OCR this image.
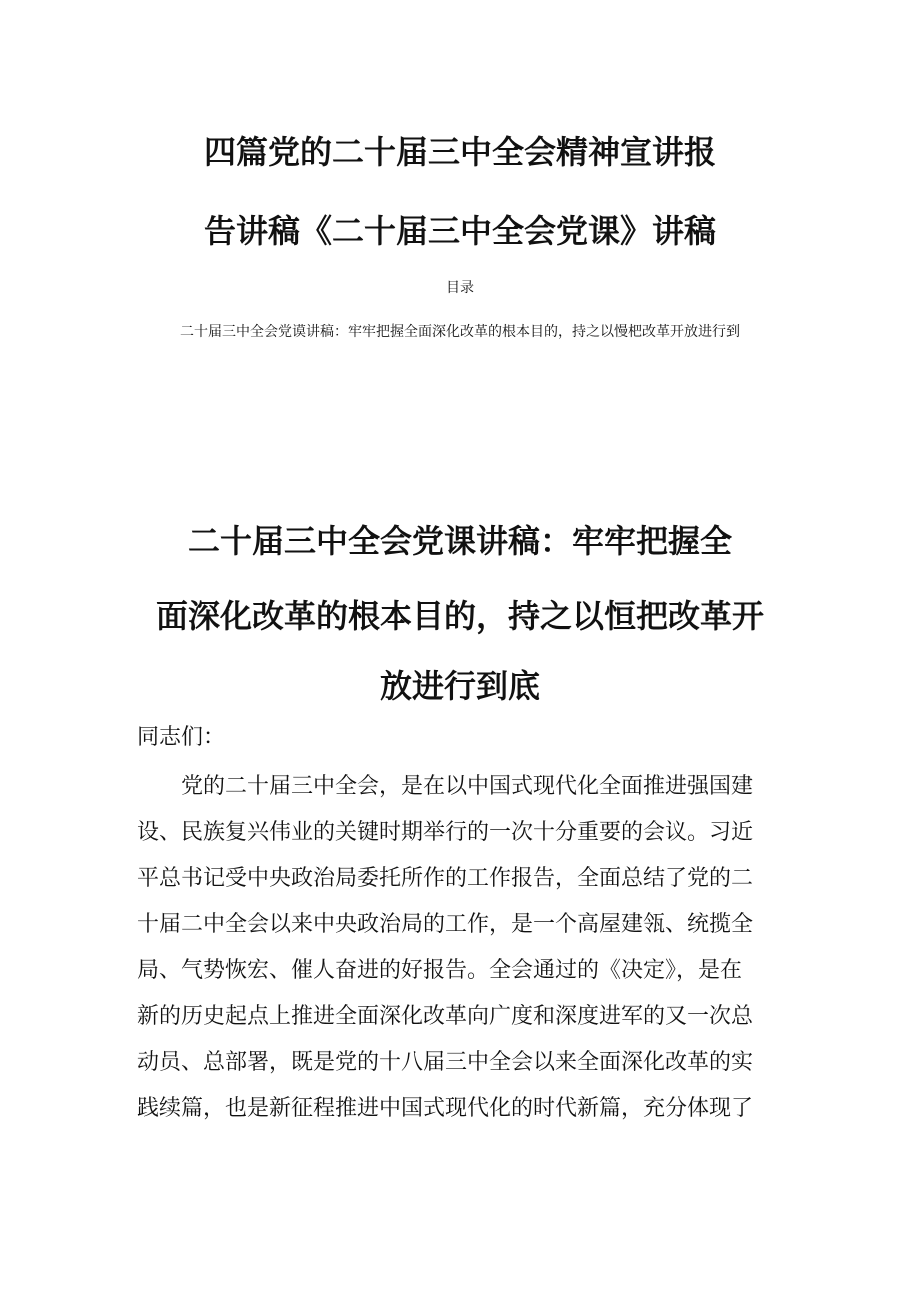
四篇党的二十届三中全会精神宣讲报
告讲稿《二十届三中全会党课》讲稿
目录
二十届三中全会党谟讲稿：牢牢把握全面深化改革的根本目的，持之以慢杷改革开放进行到
二十届三中全会党课讲稿：牢牢把握全
面深化改革的根本目的，持之以恒把改革开
放进行到底
同志们：
　　党的二十届三中全会，是在以中国式现代化全面推进强国建
设、民族复兴伟业的关键时期举行的一次十分重要的会议。习近
平总书记受中央政治局委托所作的工作报告，全面总结了党的二
十届二中全会以来中央政治局的工作，是一个高屋建瓴、统揽全
局、气势恢宏、催人奋进的好报告。全会通过的《决定》，是在
新的历史起点上推进全面深化改革向广度和深度进军的又一次总
动员、总部署，既是党的十八届三中全会以来全面深化改革的实
践续篇，也是新征程推进中国式现代化的时代新篇，充分体现了
